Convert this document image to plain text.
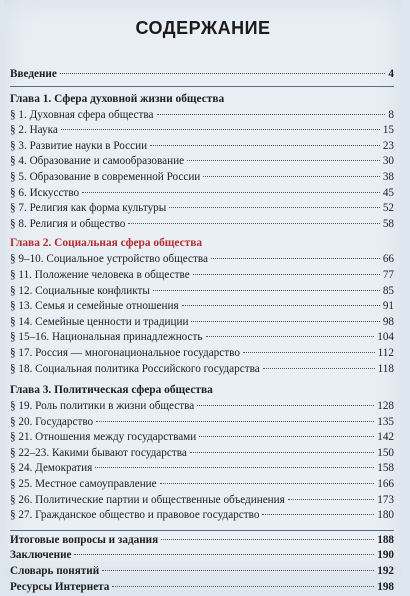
СОДЕРЖАНИЕ
Введение	4
Глава 1. Сфера духовной жизни общества
§ 1. Духовная сфера общества	8
§ 2. Наука	15
§ 3. Развитие науки в России	23
§ 4. Образование и самообразование	30
§ 5. Образование в современной России	38
§ 6. Искусство	45
§ 7. Религия как форма культуры	52
§ 8. Религия и общество	58
Глава 2. Социальная сфера общества
§ 9–10. Социальное устройство общества	66
§ 11. Положение человека в обществе	77
§ 12. Социальные конфликты	85
§ 13. Семья и семейные отношения	91
§ 14. Семейные ценности и традиции	98
§ 15–16. Национальная принадлежность	104
§ 17. Россия — многонациональное государство	112
§ 18. Социальная политика Российского государства	118
Глава 3. Политическая сфера общества
§ 19. Роль политики в жизни общества	128
§ 20. Государство	135
§ 21. Отношения между государствами	142
§ 22–23. Какими бывают государства	150
§ 24. Демократия	158
§ 25. Местное самоуправление	166
§ 26. Политические партии и общественные объединения	173
§ 27. Гражданское общество и правовое государство	180
Итоговые вопросы и задания	188
Заключение	190
Словарь понятий	192
Ресурсы Интернета	198
